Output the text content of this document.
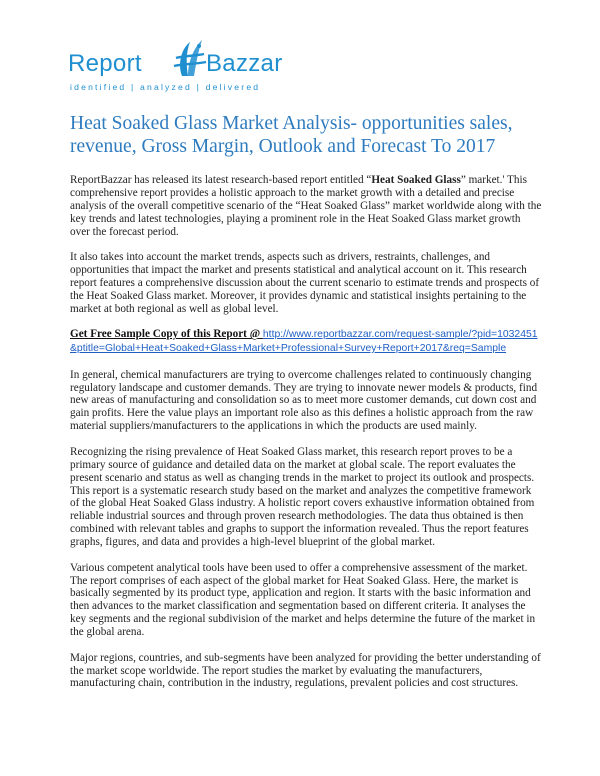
Report	Bazzar
identified | analyzed | delivered
Heat Soaked Glass Market Analysis- opportunities sales, revenue, Gross Margin, Outlook and Forecast To 2017

ReportBazzar has released its latest research-based report entitled “Heat Soaked Glass” market.' This comprehensive report provides a holistic approach to the market growth with a detailed and precise analysis of the overall competitive scenario of the “Heat Soaked Glass” market worldwide along with the key trends and latest technologies, playing a prominent role in the Heat Soaked Glass market growth over the forecast period.

It also takes into account the market trends, aspects such as drivers, restraints, challenges, and opportunities that impact the market and presents statistical and analytical account on it. This research report features a comprehensive discussion about the current scenario to estimate trends and prospects of the Heat Soaked Glass market. Moreover, it provides dynamic and statistical insights pertaining to the market at both regional as well as global level.

Get Free Sample Copy of this Report @ http://www.reportbazzar.com/request-sample/?pid=1032451&ptitle=Global+Heat+Soaked+Glass+Market+Professional+Survey+Report+2017&req=Sample

In general, chemical manufacturers are trying to overcome challenges related to continuously changing regulatory landscape and customer demands. They are trying to innovate newer models & products, find new areas of manufacturing and consolidation so as to meet more customer demands, cut down cost and gain profits. Here the value plays an important role also as this defines a holistic approach from the raw material suppliers/manufacturers to the applications in which the products are used mainly.

Recognizing the rising prevalence of Heat Soaked Glass market, this research report proves to be a primary source of guidance and detailed data on the market at global scale. The report evaluates the present scenario and status as well as changing trends in the market to project its outlook and prospects. This report is a systematic research study based on the market and analyzes the competitive framework of the global Heat Soaked Glass industry. A holistic report covers exhaustive information obtained from reliable industrial sources and through proven research methodologies. The data thus obtained is then combined with relevant tables and graphs to support the information revealed. Thus the report features graphs, figures, and data and provides a high-level blueprint of the global market.

Various competent analytical tools have been used to offer a comprehensive assessment of the market. The report comprises of each aspect of the global market for Heat Soaked Glass. Here, the market is basically segmented by its product type, application and region. It starts with the basic information and then advances to the market classification and segmentation based on different criteria. It analyses the key segments and the regional subdivision of the market and helps determine the future of the market in the global arena.

Major regions, countries, and sub-segments have been analyzed for providing the better understanding of the market scope worldwide. The report studies the market by evaluating the manufacturers, manufacturing chain, contribution in the industry, regulations, prevalent policies and cost structures.
